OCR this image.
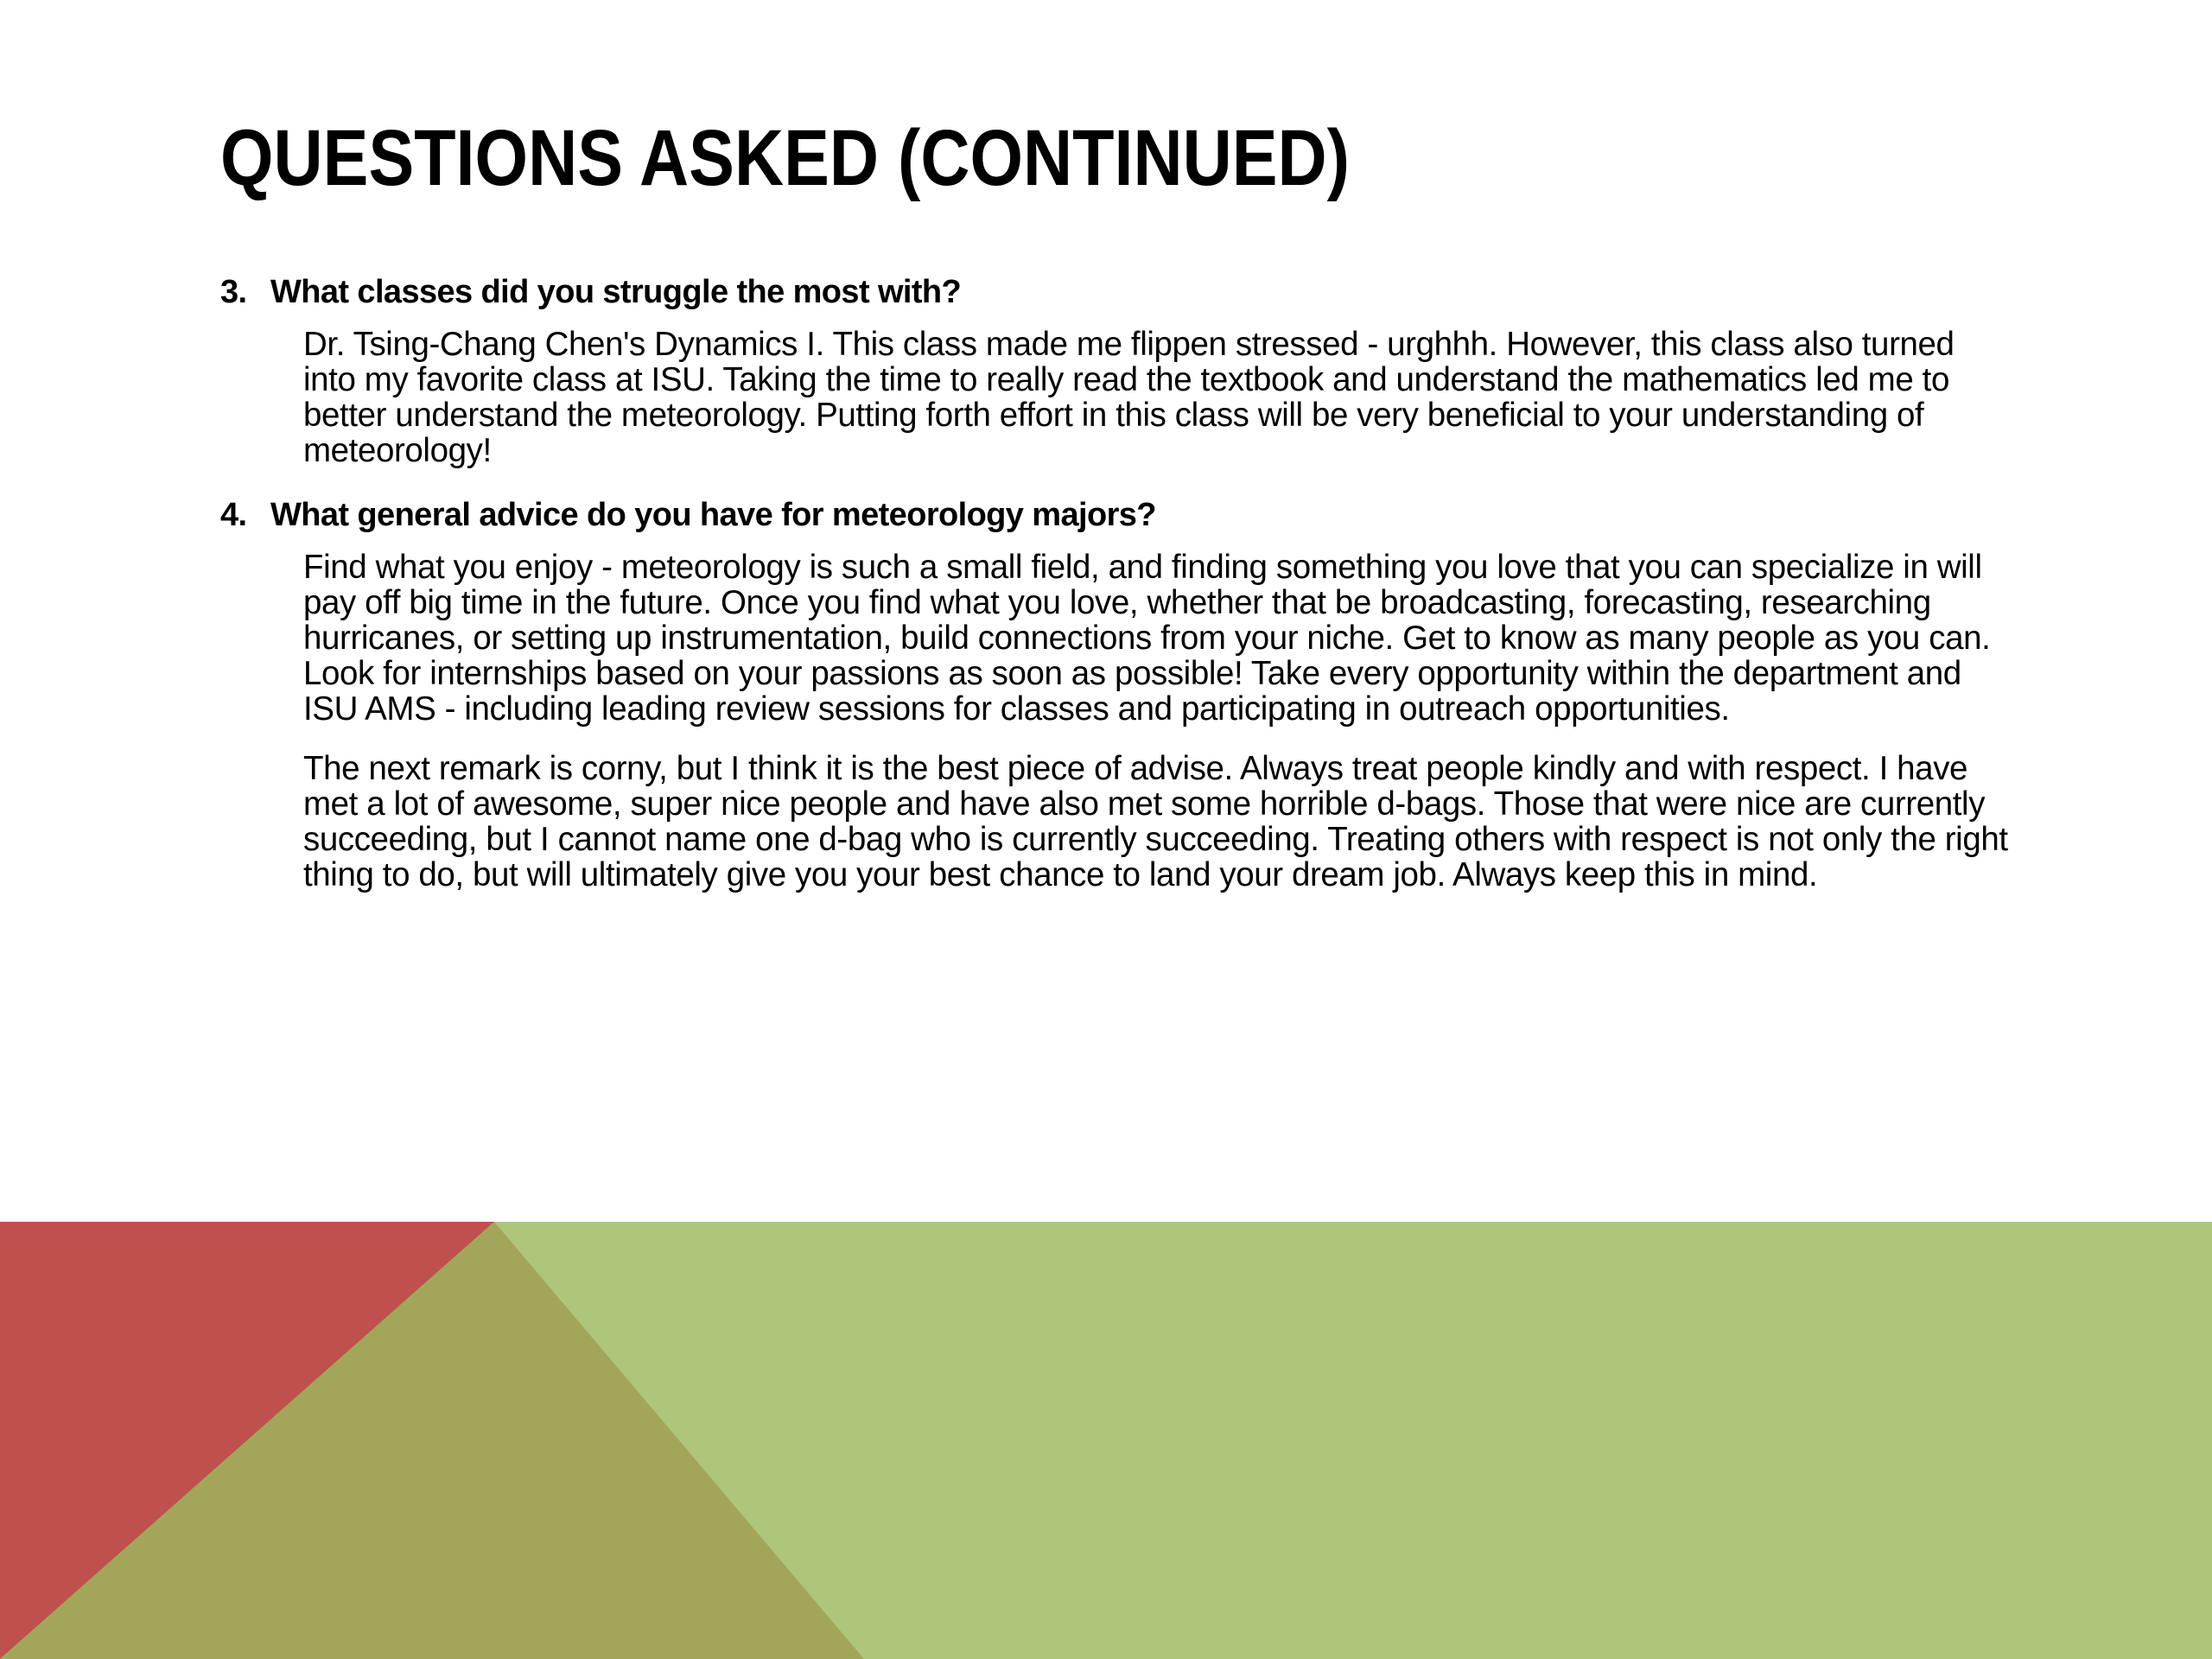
QUESTIONS ASKED (CONTINUED)
3. What classes did you struggle the most with?

Dr. Tsing-Chang Chen's Dynamics I. This class made me flippen stressed - urghhh. However, this class also turned into my favorite class at ISU. Taking the time to really read the textbook and understand the mathematics led me to better understand the meteorology. Putting forth effort in this class will be very beneficial to your understanding of meteorology!

4. What general advice do you have for meteorology majors?

Find what you enjoy - meteorology is such a small field, and finding something you love that you can specialize in will pay off big time in the future. Once you find what you love, whether that be broadcasting, forecasting, researching hurricanes, or setting up instrumentation, build connections from your niche. Get to know as many people as you can. Look for internships based on your passions as soon as possible! Take every opportunity within the department and ISU AMS - including leading review sessions for classes and participating in outreach opportunities.

The next remark is corny, but I think it is the best piece of advise. Always treat people kindly and with respect. I have met a lot of awesome, super nice people and have also met some horrible d-bags. Those that were nice are currently succeeding, but I cannot name one d-bag who is currently succeeding. Treating others with respect is not only the right thing to do, but will ultimately give you your best chance to land your dream job. Always keep this in mind.
